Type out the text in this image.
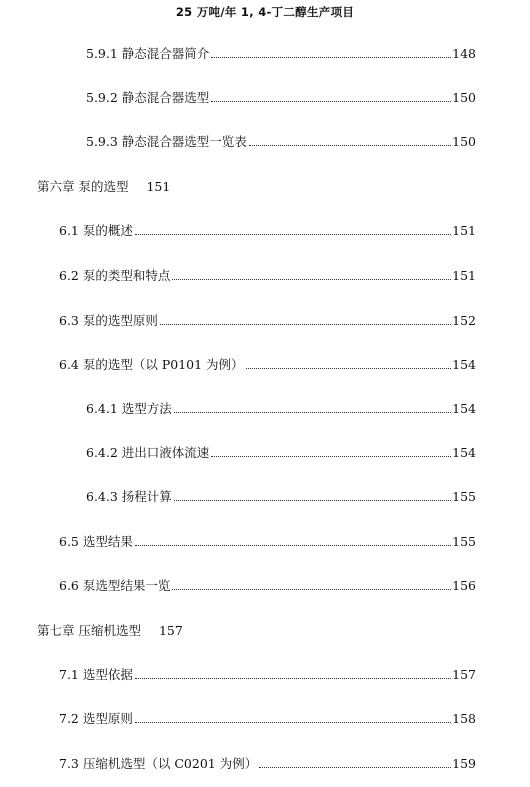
25 万吨/年 1, 4-丁二醇生产项目
5.9.1 静态混合器简介	148
5.9.2 静态混合器选型	150
5.9.3 静态混合器选型一览表	150
第六章 泵的选型 151
6.1 泵的概述	151
6.2 泵的类型和特点	151
6.3 泵的选型原则	152
6.4 泵的选型（以 P0101 为例）	154
6.4.1 选型方法	154
6.4.2 进出口液体流速	154
6.4.3 扬程计算	155
6.5 选型结果	155
6.6 泵选型结果一览	156
第七章 压缩机选型 157
7.1 选型依据	157
7.2 选型原则	158
7.3 压缩机选型（以 C0201 为例）	159
